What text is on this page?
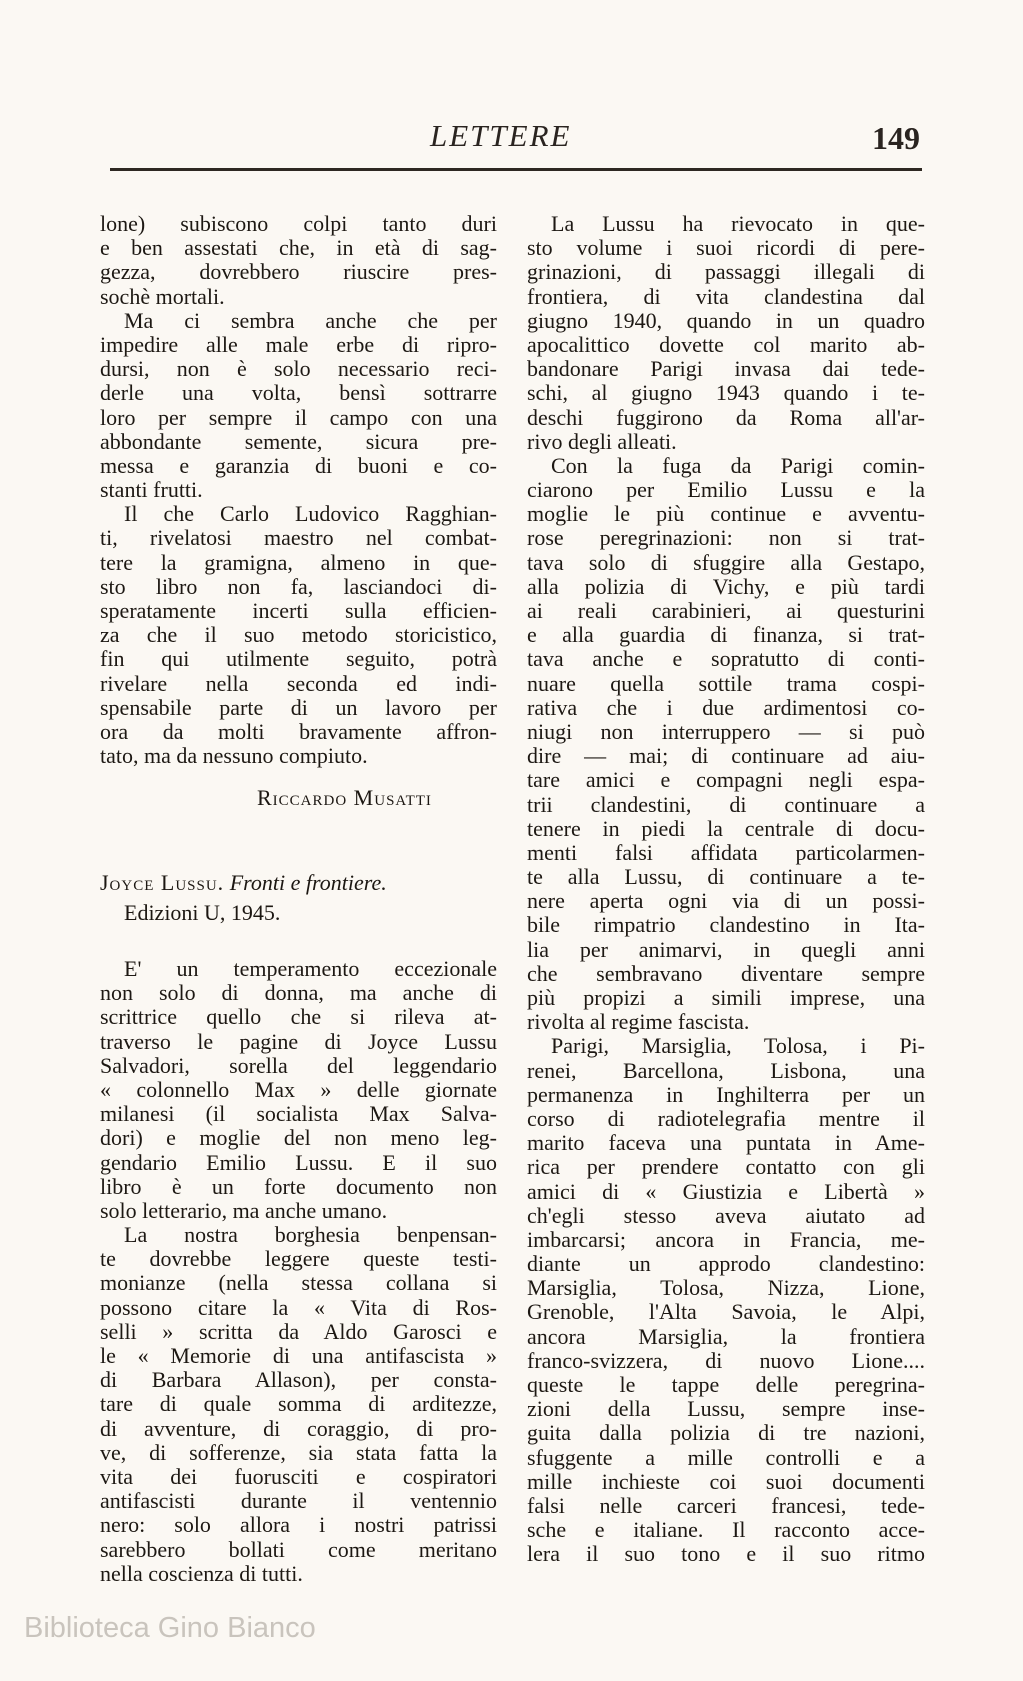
LETTERE	149
lone) subiscono colpi tanto duri
e ben assestati che, in età di sag-
gezza, dovrebbero riuscire pres-
sochè mortali.
Ma ci sembra anche che per
impedire alle male erbe di ripro-
dursi, non è solo necessario reci-
derle una volta, bensì sottrarre
loro per sempre il campo con una
abbondante semente, sicura pre-
messa e garanzia di buoni e co-
stanti frutti.
Il che Carlo Ludovico Ragghian-
ti, rivelatosi maestro nel combat-
tere la gramigna, almeno in que-
sto libro non fa, lasciandoci di-
speratamente incerti sulla efficien-
za che il suo metodo storicistico,
fin qui utilmente seguito, potrà
rivelare nella seconda ed indi-
spensabile parte di un lavoro per
ora da molti bravamente affron-
tato, ma da nessuno compiuto.
Riccardo Musatti
Joyce Lussu. Fronti e frontiere.
Edizioni U, 1945.
E' un temperamento eccezionale
non solo di donna, ma anche di
scrittrice quello che si rileva at-
traverso le pagine di Joyce Lussu
Salvadori, sorella del leggendario
« colonnello Max » delle giornate
milanesi (il socialista Max Salva-
dori) e moglie del non meno leg-
gendario Emilio Lussu. E il suo
libro è un forte documento non
solo letterario, ma anche umano.
La nostra borghesia benpensan-
te dovrebbe leggere queste testi-
monianze (nella stessa collana si
possono citare la « Vita di Ros-
selli » scritta da Aldo Garosci e
le « Memorie di una antifascista »
di Barbara Allason), per consta-
tare di quale somma di arditezze,
di avventure, di coraggio, di pro-
ve, di sofferenze, sia stata fatta la
vita dei fuorusciti e cospiratori
antifascisti durante il ventennio
nero: solo allora i nostri patrissi
sarebbero bollati come meritano
nella coscienza di tutti.
La Lussu ha rievocato in que-
sto volume i suoi ricordi di pere-
grinazioni, di passaggi illegali di
frontiera, di vita clandestina dal
giugno 1940, quando in un quadro
apocalittico dovette col marito ab-
bandonare Parigi invasa dai tede-
schi, al giugno 1943 quando i te-
deschi fuggirono da Roma all'ar-
rivo degli alleati.
Con la fuga da Parigi comin-
ciarono per Emilio Lussu e la
moglie le più continue e avventu-
rose peregrinazioni: non si trat-
tava solo di sfuggire alla Gestapo,
alla polizia di Vichy, e più tardi
ai reali carabinieri, ai questurini
e alla guardia di finanza, si trat-
tava anche e sopratutto di conti-
nuare quella sottile trama cospi-
rativa che i due ardimentosi co-
niugi non interruppero — si può
dire — mai; di continuare ad aiu-
tare amici e compagni negli espa-
trii clandestini, di continuare a
tenere in piedi la centrale di docu-
menti falsi affidata particolarmen-
te alla Lussu, di continuare a te-
nere aperta ogni via di un possi-
bile rimpatrio clandestino in Ita-
lia per animarvi, in quegli anni
che sembravano diventare sempre
più propizi a simili imprese, una
rivolta al regime fascista.
Parigi, Marsiglia, Tolosa, i Pi-
renei, Barcellona, Lisbona, una
permanenza in Inghilterra per un
corso di radiotelegrafia mentre il
marito faceva una puntata in Ame-
rica per prendere contatto con gli
amici di « Giustizia e Libertà »
ch'egli stesso aveva aiutato ad
imbarcarsi; ancora in Francia, me-
diante un approdo clandestino:
Marsiglia, Tolosa, Nizza, Lione,
Grenoble, l'Alta Savoia, le Alpi,
ancora Marsiglia, la frontiera
franco-svizzera, di nuovo Lione....
queste le tappe delle peregrina-
zioni della Lussu, sempre inse-
guita dalla polizia di tre nazioni,
sfuggente a mille controlli e a
mille inchieste coi suoi documenti
falsi nelle carceri francesi, tede-
sche e italiane. Il racconto acce-
lera il suo tono e il suo ritmo
Biblioteca Gino Bianco
